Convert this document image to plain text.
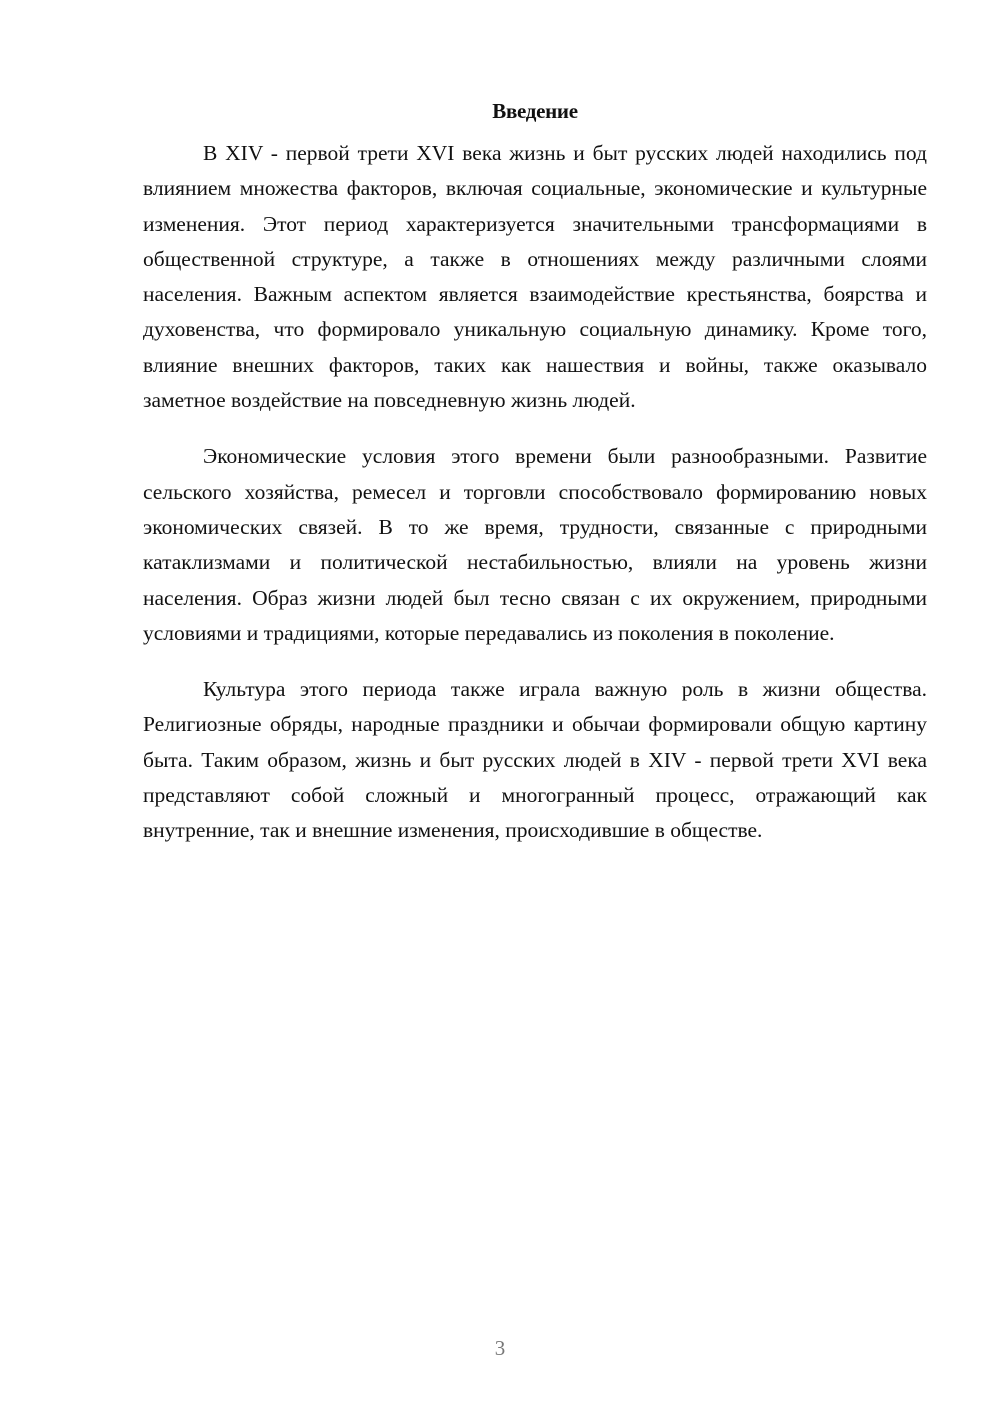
Введение

В XIV - первой трети XVI века жизнь и быт русских людей находились под влиянием множества факторов, включая социальные, экономические и культурные изменения. Этот период характеризуется значительными трансформациями в общественной структуре, а также в отношениях между различными слоями населения. Важным аспектом является взаимодействие крестьянства, боярства и духовенства, что формировало уникальную социальную динамику. Кроме того, влияние внешних факторов, таких как нашествия и войны, также оказывало заметное воздействие на повседневную жизнь людей.

Экономические условия этого времени были разнообразными. Развитие сельского хозяйства, ремесел и торговли способствовало формированию новых экономических связей. В то же время, трудности, связанные с природными катаклизмами и политической нестабильностью, влияли на уровень жизни населения. Образ жизни людей был тесно связан с их окружением, природными условиями и традициями, которые передавались из поколения в поколение.

Культура этого периода также играла важную роль в жизни общества. Религиозные обряды, народные праздники и обычаи формировали общую картину быта. Таким образом, жизнь и быт русских людей в XIV - первой трети XVI века представляют собой сложный и многогранный процесс, отражающий как внутренние, так и внешние изменения, происходившие в обществе.

3
